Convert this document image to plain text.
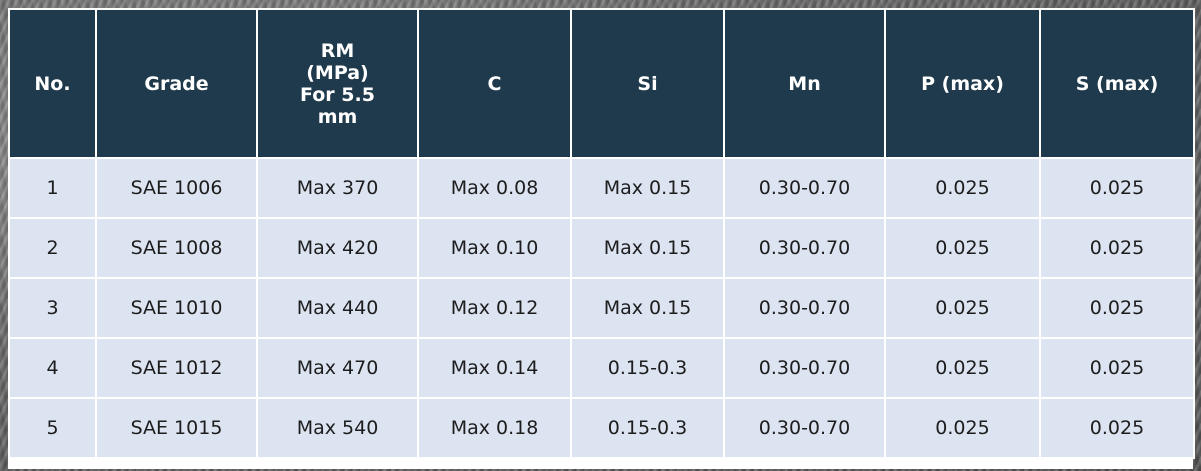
No.	Grade	RM
(MPa)
For 5.5
mm	C	Si	Mn	P (max)	S (max)

1	SAE 1006	Max 370	Max 0.08	Max 0.15	0.30-0.70	0.025	0.025
2	SAE 1008	Max 420	Max 0.10	Max 0.15	0.30-0.70	0.025	0.025
3	SAE 1010	Max 440	Max 0.12	Max 0.15	0.30-0.70	0.025	0.025
4	SAE 1012	Max 470	Max 0.14	0.15-0.3	0.30-0.70	0.025	0.025
5	SAE 1015	Max 540	Max 0.18	0.15-0.3	0.30-0.70	0.025	0.025
